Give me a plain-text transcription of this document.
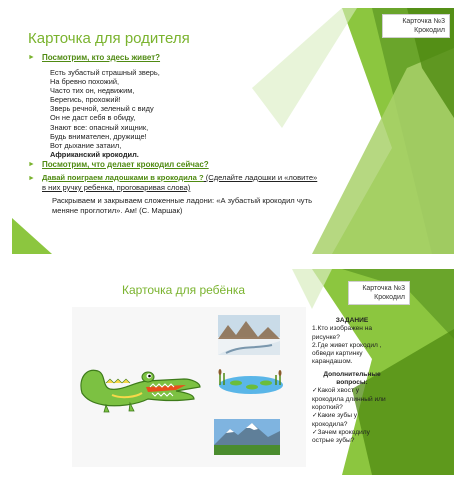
Карточка №3
Крокодил
Карточка для родителя
► Посмотрим, кто здесь живет?
Есть зубастый страшный зверь,
На бревно похожий,
Часто тих он, недвижим,
Берегись, прохожий!
Зверь речной, зеленый с виду
Он не даст себя в обиду,
Знают все: опасный хищник,
Будь внимателен, дружище!
Вот дыхание затаил,
Африканский крокодил.
► Посмотрим, что делает крокодил сейчас?
► Давай поиграем ладошками в крокодила ? (Сделайте ладошки и «ловите»
в них ручку ребенка, проговаривая слова)
Раскрываем и закрываем сложенные ладони: «А зубастый крокодил чуть
меняне проглотил». Ам! (С. Маршак)
Карточка №3
Крокодил
Карточка для ребёнка
ЗАДАНИЕ
1.Кто изображен на
рисунке?
2.Где живет крокодил ,
обведи картинку
карандашом.
Дополнительные
вопросы:
✓Какой хвост у
крокодила длинный или
короткий?
✓Какие зубы у
крокодила?
✓Зачем крокодилу
острые зубы?
